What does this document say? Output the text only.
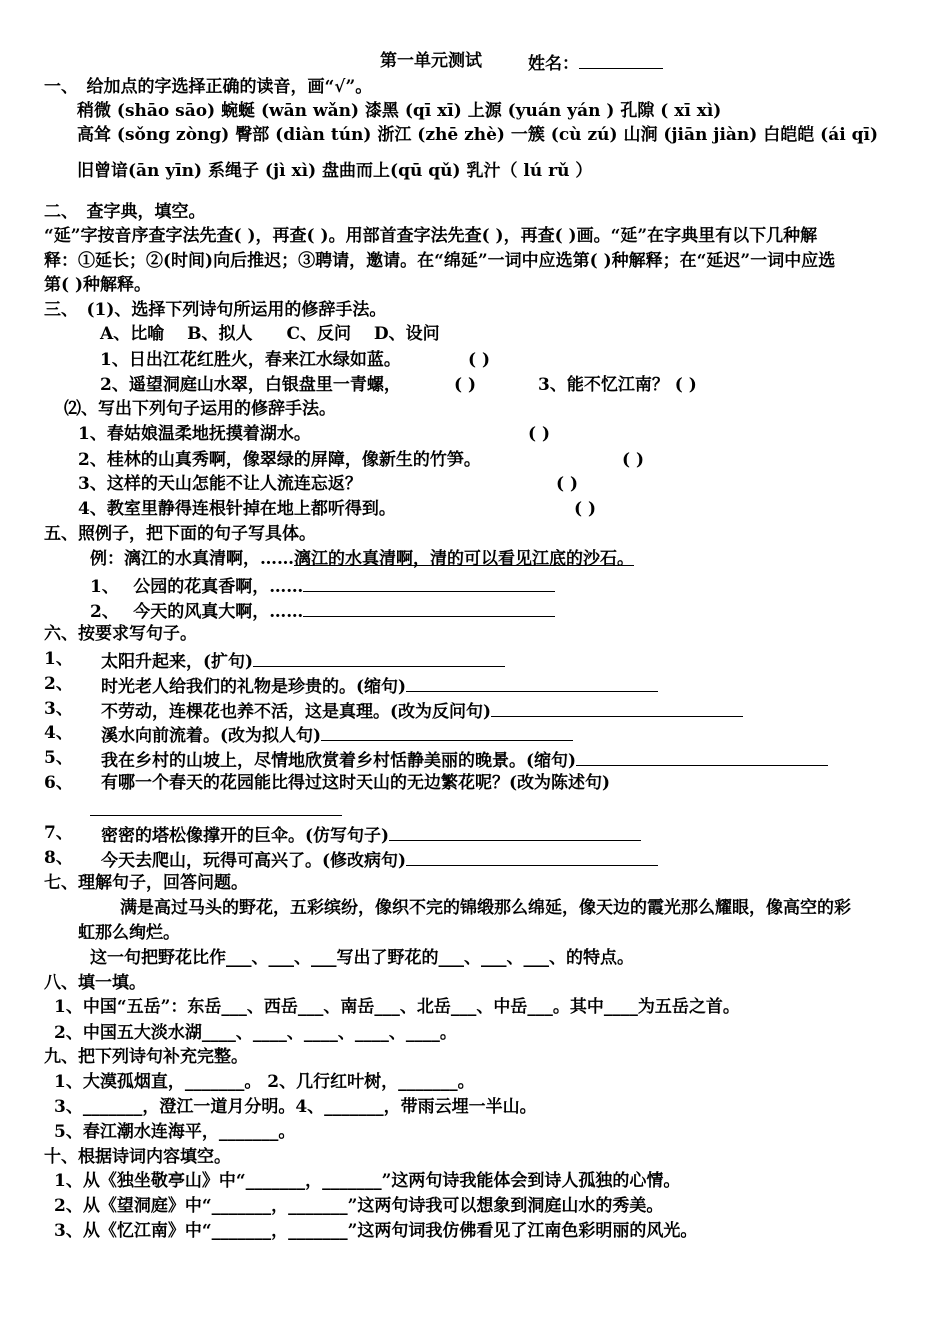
第一单元测试	姓名：
一、　给加点的字选择正确的读音，画“√”。
稍微 (shāo sāo) 蜿蜒 (wān wǎn) 漆黑 (qī xī) 上源 (yuán yán ) 孔隙 ( xī xì)
高耸 (sǒng zòng) 臀部 (diàn tún) 浙江 (zhē zhè) 一簇 (cù zú) 山涧 (jiān jiàn) 白皑皑 (ái qī)
旧曾谙(ān yīn) 系绳子 (jì xì) 盘曲而上(qū qǔ) 乳汁（ lú rǔ ）
二、　查字典，填空。
“延”字按音序查字法先查( )，再查( )。用部首查字法先查( )，再查( )画。“延”在字典里有以下几种解
释：①延长；②(时间)向后推迟；③聘请，邀请。在“绵延”一词中应选第( )种解释；在“延迟”一词中应选
第( )种解释。
三、　(1)、选择下列诗句所运用的修辞手法。
A、比喻　 B、拟人　　C、反问　 D、设问
1、日出江花红胜火，春来江水绿如蓝。	( )
2、遥望洞庭山水翠，白银盘里一青螺，	( )	3、能不忆江南？ ( )
⑵、写出下列句子运用的修辞手法。
1、春姑娘温柔地抚摸着湖水。	( )
2、桂林的山真秀啊，像翠绿的屏障，像新生的竹笋。	( )
3、这样的天山怎能不让人流连忘返？	( )
4、教室里静得连根针掉在地上都听得到。	( )
五、照例子，把下面的句子写具体。
例：漓江的水真清啊，……漓江的水真清啊，清的可以看见江底的沙石。
1、　 公园的花真香啊，……
2、　 今天的风真大啊，……
六、按要求写句子。
1、 太阳升起来，(扩句)
2、 时光老人给我们的礼物是珍贵的。(缩句)
3、 不劳动，连棵花也养不活，这是真理。(改为反问句)
4、 溪水向前流着。(改为拟人句)
5、 我在乡村的山坡上，尽情地欣赏着乡村恬静美丽的晚景。(缩句)
6、 有哪一个春天的花园能比得过这时天山的无边繁花呢？(改为陈述句)
7、 密密的塔松像撑开的巨伞。(仿写句子)
8、 今天去爬山，玩得可高兴了。(修改病句)
七、理解句子，回答问题。
满是高过马头的野花，五彩缤纷，像织不完的锦缎那么绵延，像天边的霞光那么耀眼，像高空的彩
虹那么绚烂。
这一句把野花比作___、___、___写出了野花的___、___、___、的特点。
八、填一填。
1、中国“五岳”：东岳___、西岳___、南岳___、北岳___、中岳___。其中____为五岳之首。
2、中国五大淡水湖____、____、____、____、____。
九、把下列诗句补充完整。
1、大漠孤烟直，_______。 2、几行红叶树，_______。
3、_______，澄江一道月分明。4、_______，带雨云埋一半山。
5、春江潮水连海平，_______。
十、根据诗词内容填空。
1、从《独坐敬亭山》中“_______，_______”这两句诗我能体会到诗人孤独的心情。
2、从《望洞庭》中“_______，_______”这两句诗我可以想象到洞庭山水的秀美。
3、从《忆江南》中“_______，_______”这两句词我仿佛看见了江南色彩明丽的风光。
